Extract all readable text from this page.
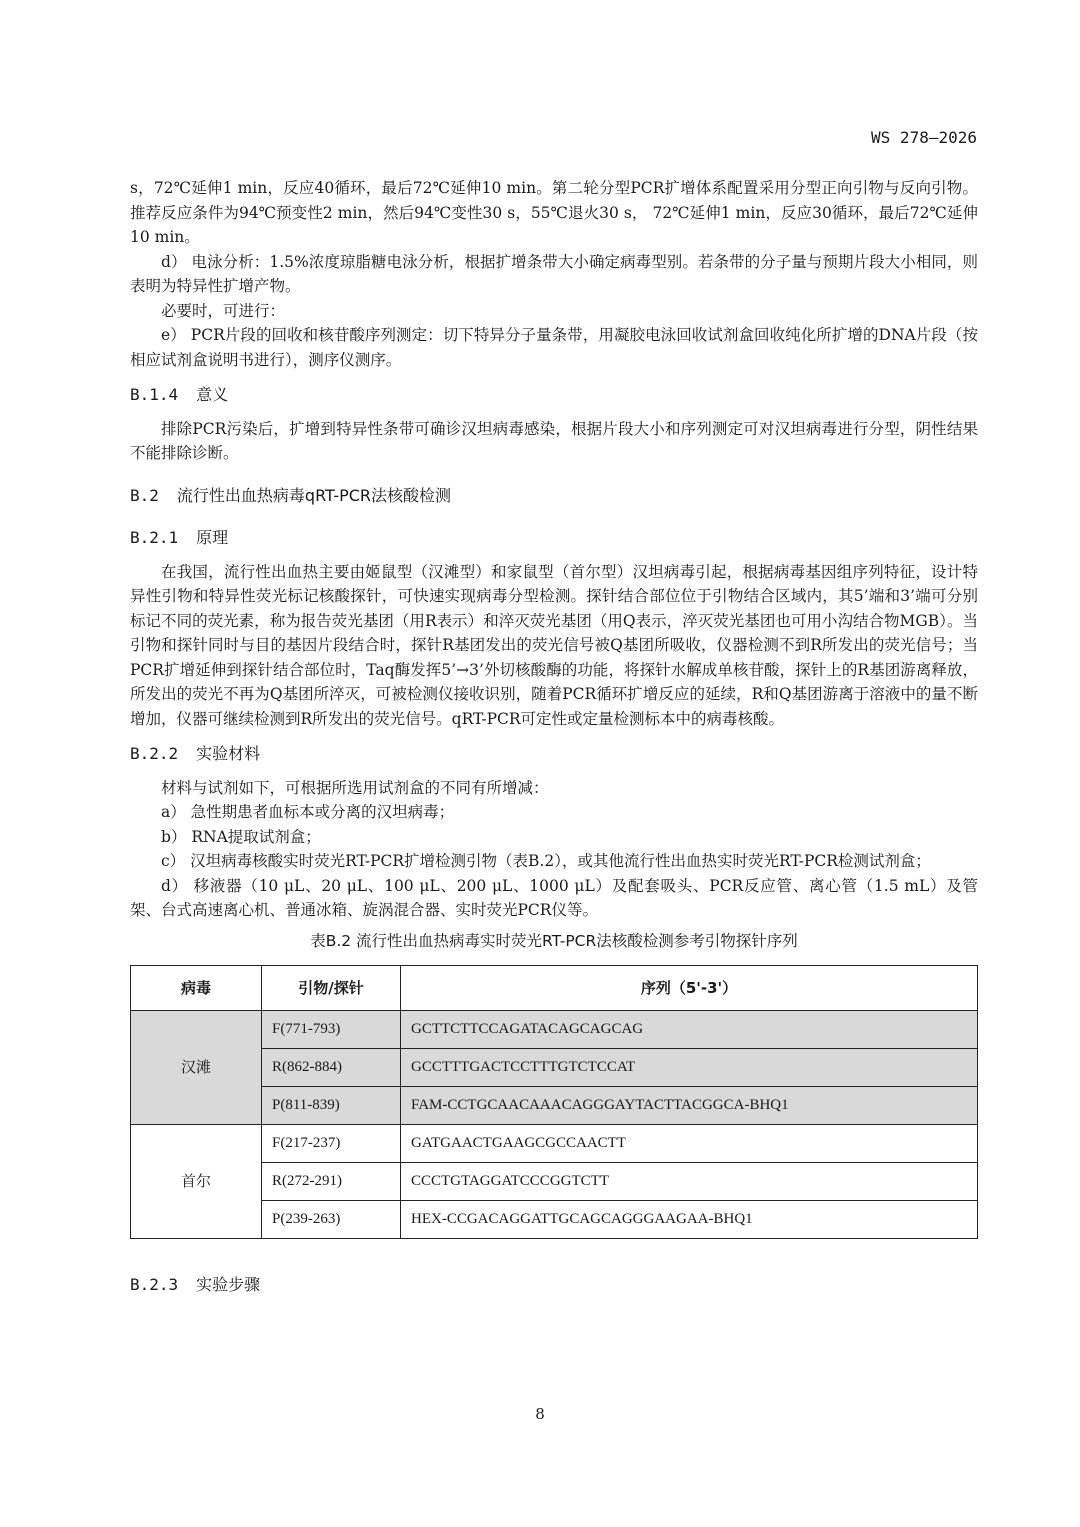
WS 278—2026

s，72℃延伸1 min，反应40循环，最后72℃延伸10 min。第二轮分型PCR扩增体系配置采用分型正向引物与反向引物。推荐反应条件为94℃预变性2 min，然后94℃变性30 s，55℃退火30 s， 72℃延伸1 min，反应30循环，最后72℃延伸10 min。

d） 电泳分析：1.5%浓度琼脂糖电泳分析，根据扩增条带大小确定病毒型别。若条带的分子量与预期片段大小相同，则表明为特异性扩增产物。

必要时，可进行：

e） PCR片段的回收和核苷酸序列测定：切下特异分子量条带，用凝胶电泳回收试剂盒回收纯化所扩增的DNA片段（按相应试剂盒说明书进行），测序仪测序。

B.1.4 意义

排除PCR污染后，扩增到特异性条带可确诊汉坦病毒感染，根据片段大小和序列测定可对汉坦病毒进行分型，阴性结果不能排除诊断。

B.2 流行性出血热病毒qRT-PCR法核酸检测
B.2.1 原理

在我国，流行性出血热主要由姬鼠型（汉滩型）和家鼠型（首尔型）汉坦病毒引起，根据病毒基因组序列特征，设计特异性引物和特异性荧光标记核酸探针，可快速实现病毒分型检测。探针结合部位位于引物结合区域内，其5’端和3’端可分别标记不同的荧光素，称为报告荧光基团（用R表示）和淬灭荧光基团（用Q表示，淬灭荧光基团也可用小沟结合物MGB）。当引物和探针同时与目的基因片段结合时，探针R基团发出的荧光信号被Q基团所吸收，仪器检测不到R所发出的荧光信号；当PCR扩增延伸到探针结合部位时，Taq酶发挥5’→3’外切核酸酶的功能，将探针水解成单核苷酸，探针上的R基团游离释放，所发出的荧光不再为Q基团所淬灭，可被检测仪接收识别，随着PCR循环扩增反应的延续，R和Q基团游离于溶液中的量不断增加，仪器可继续检测到R所发出的荧光信号。qRT-PCR可定性或定量检测标本中的病毒核酸。

B.2.2 实验材料

材料与试剂如下，可根据所选用试剂盒的不同有所增减：

a） 急性期患者血标本或分离的汉坦病毒；

b） RNA提取试剂盒；

c） 汉坦病毒核酸实时荧光RT-PCR扩增检测引物（表B.2），或其他流行性出血热实时荧光RT-PCR检测试剂盒；

d） 移液器（10 μL、20 μL、100 μL、200 μL、1000 μL）及配套吸头、PCR反应管、离心管（1.5 mL）及管架、台式高速离心机、普通冰箱、旋涡混合器、实时荧光PCR仪等。

表B.2 流行性出血热病毒实时荧光RT-PCR法核酸检测参考引物探针序列
病毒	引物/探针	序列（5'-3'）
汉滩	F(771-793)	GCTTCTTCCAGATACAGCAGCAG
	R(862-884)	GCCTTTGACTCCTTTGTCTCCAT
	P(811-839)	FAM-CCTGCAACAAACAGGGAYTACTTACGGCA-BHQ1
首尔	F(217-237)	GATGAACTGAAGCGCCAACTT
	R(272-291)	CCCTGTAGGATCCCGGTCTT
	P(239-263)	HEX-CCGACAGGATTGCAGCAGGGAAGAA-BHQ1
B.2.3 实验步骤
8
